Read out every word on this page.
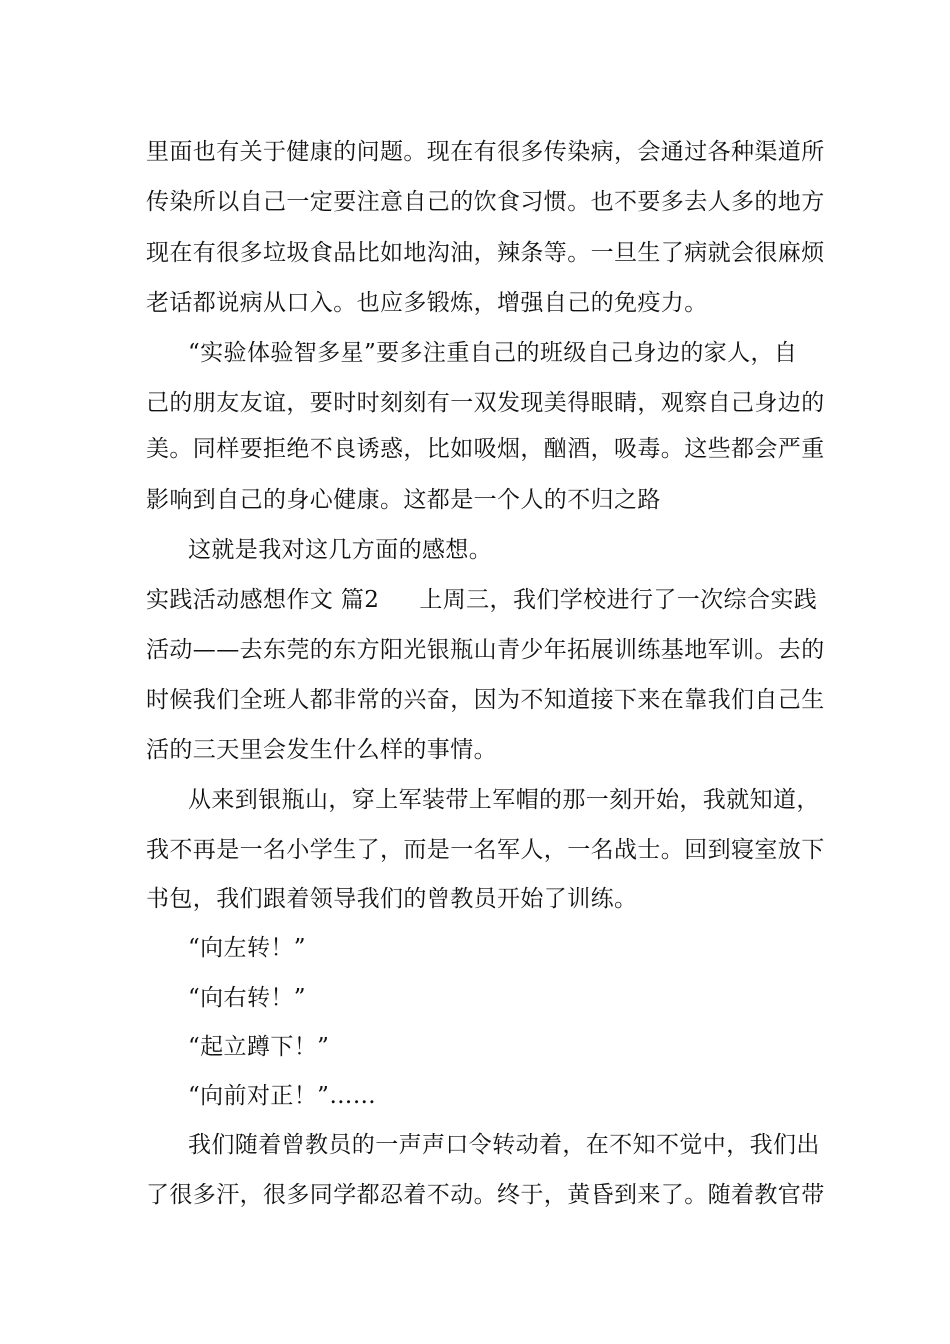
里面也有关于健康的问题。现在有很多传染病，会通过各种渠道所
传染所以自己一定要注意自己的饮食习惯。也不要多去人多的地方
现在有很多垃圾食品比如地沟油，辣条等。一旦生了病就会很麻烦
老话都说病从口入。也应多锻炼，增强自己的免疫力。
“实验体验智多星”要多注重自己的班级自己身边的家人，自
己的朋友友谊，要时时刻刻有一双发现美得眼睛，观察自己身边的
美。同样要拒绝不良诱惑，比如吸烟，酗酒，吸毒。这些都会严重
影响到自己的身心健康。这都是一个人的不归之路
这就是我对这几方面的感想。
实践活动感想作文 篇2 上周三，我们学校进行了一次综合实践
活动——去东莞的东方阳光银瓶山青少年拓展训练基地军训。去的
时候我们全班人都非常的兴奋，因为不知道接下来在靠我们自己生
活的三天里会发生什么样的事情。
从来到银瓶山，穿上军装带上军帽的那一刻开始，我就知道，
我不再是一名小学生了，而是一名军人，一名战士。回到寝室放下
书包，我们跟着领导我们的曾教员开始了训练。
“向左转！”
“向右转！”
“起立蹲下！”
“向前对正！”……
我们随着曾教员的一声声口令转动着，在不知不觉中，我们出
了很多汗，很多同学都忍着不动。终于，黄昏到来了。随着教官带
